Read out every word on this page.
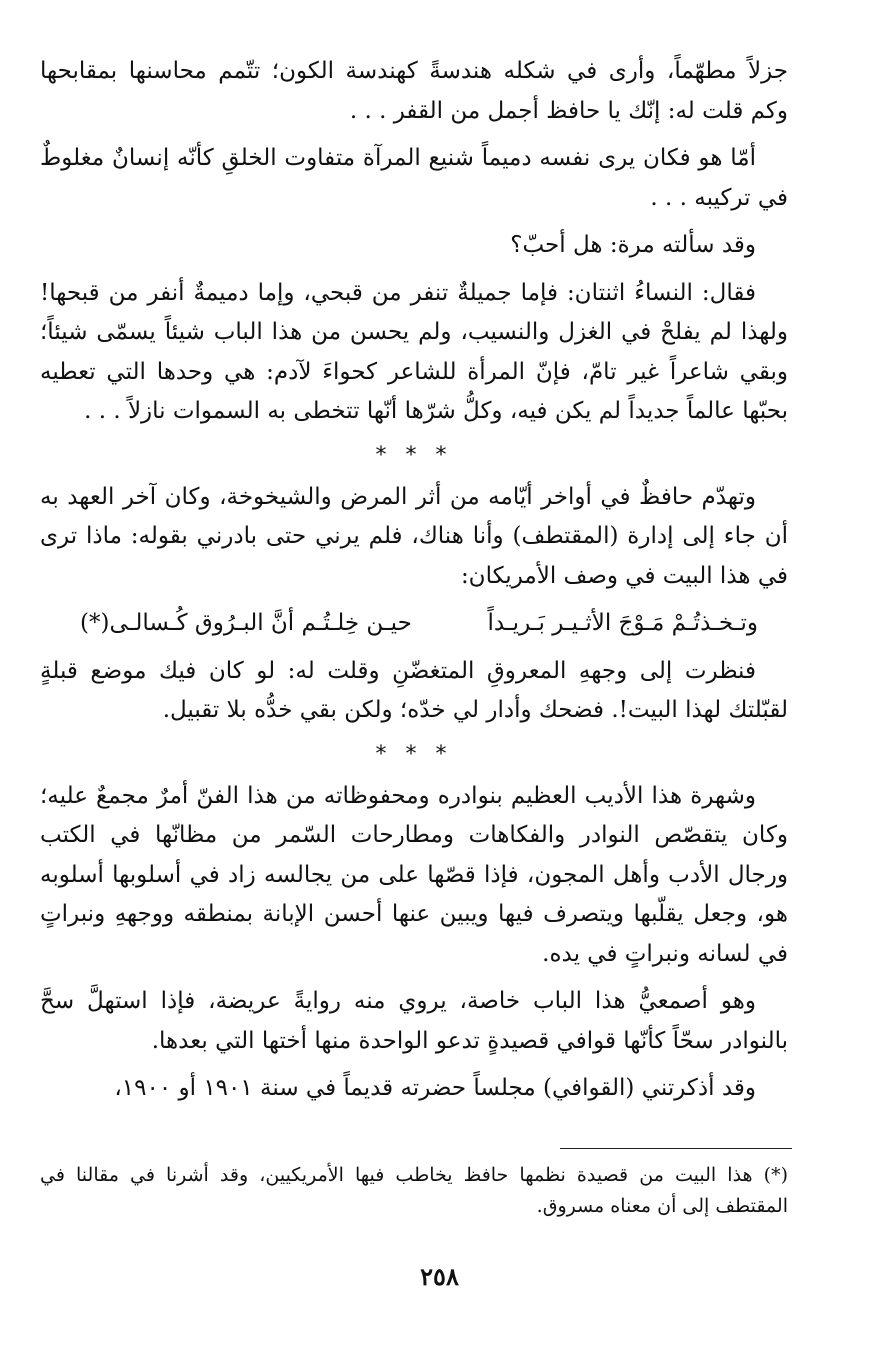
جزلاً مطهّماً، وأرى في شكله هندسةً كهندسة الكون؛ تتّمم محاسنها بمقابحها وكم قلت له: إنّك يا حافظ أجمل من القفر . . .

أمّا هو فكان يرى نفسه دميماً شنيع المرآة متفاوت الخلقِ كأنّه إنسانٌ مغلوطٌ في تركيبه . . .

وقد سألته مرة: هل أحبّ؟

فقال: النساءُ اثنتان: فإما جميلةٌ تنفر من قبحي، وإما دميمةٌ أنفر من قبحها! ولهذا لم يفلحْ في الغزل والنسيب، ولم يحسن من هذا الباب شيئاً يسمّى شيئاً؛ وبقي شاعراً غير تامّ، فإنّ المرأة للشاعر كحواءَ لآدم: هي وحدها التي تعطيه بحبّها عالماً جديداً لم يكن فيه، وكلُّ شرّها أنّها تتخطى به السموات نازلاً . . .

* * *

وتهدّم حافظٌ في أواخر أيّامه من أثر المرض والشيخوخة، وكان آخر العهد به أن جاء إلى إدارة (المقتطف) وأنا هناك، فلم يرني حتى بادرني بقوله: ماذا ترى في هذا البيت في وصف الأمريكان:

وتـخـذتُـمْ مَـوْجَ الأثـيـر بَـريـداً
حيـن خِلـتُـم أنَّ البـرُوق كُـسالـى(*)

فنظرت إلى وجههِ المعروقِ المتغضّنِ وقلت له: لو كان فيك موضع قبلةٍ لقبّلتك لهذا البيت!. فضحك وأدار لي خدّه؛ ولكن بقي خدُّه بلا تقبيل.

* * *

وشهرة هذا الأديب العظيم بنوادره ومحفوظاته من هذا الفنّ أمرٌ مجمعٌ عليه؛ وكان يتقصّص النوادر والفكاهات ومطارحات السّمر من مظانّها في الكتب ورجال الأدب وأهل المجون، فإذا قصّها على من يجالسه زاد في أسلوبها أسلوبه هو، وجعل يقلّبها ويتصرف فيها ويبين عنها أحسن الإبانة بمنطقه ووجههِ ونبراتٍ في لسانه ونبراتٍ في يده.

وهو أصمعيُّ هذا الباب خاصة، يروي منه روايةً عريضة، فإذا استهلَّ سحَّ بالنوادر سحّاً كأنّها قوافي قصيدةٍ تدعو الواحدة منها أختها التي بعدها.

وقد أذكرتني (القوافي) مجلساً حضرته قديماً في سنة ١٩٠١ أو ١٩٠٠،

(*) هذا البيت من قصيدة نظمها حافظ يخاطب فيها الأمريكيين، وقد أشرنا في مقالنا في المقتطف إلى أن معناه مسروق.
٢٥٨
